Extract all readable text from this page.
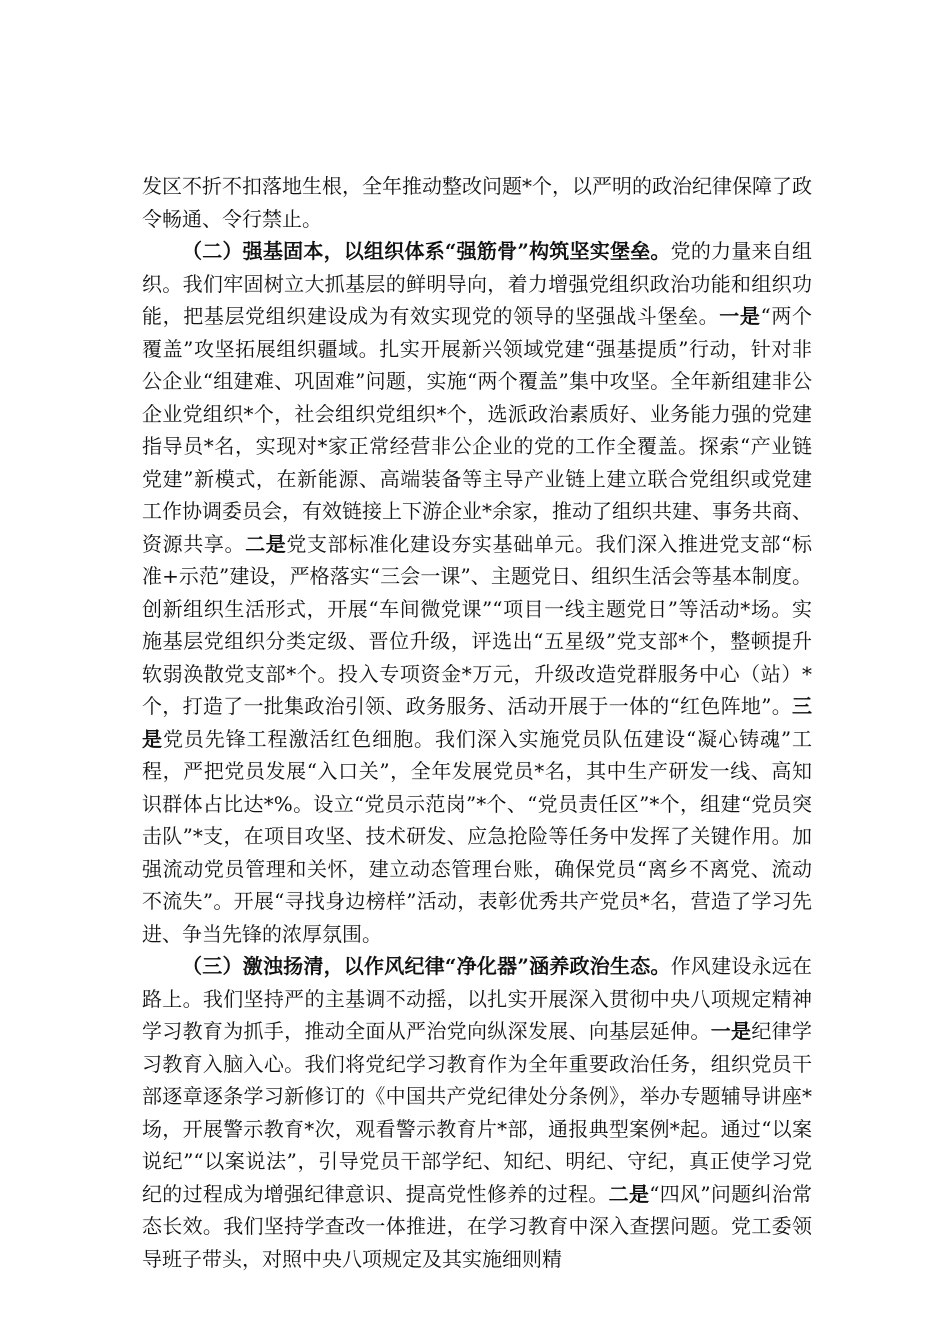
发区不折不扣落地生根，全年推动整改问题*个，以严明的政治纪律保障了政令畅通、令行禁止。

（二）强基固本，以组织体系“强筋骨”构筑坚实堡垒。党的力量来自组织。我们牢固树立大抓基层的鲜明导向，着力增强党组织政治功能和组织功能，把基层党组织建设成为有效实现党的领导的坚强战斗堡垒。一是“两个覆盖”攻坚拓展组织疆域。扎实开展新兴领域党建“强基提质”行动，针对非公企业“组建难、巩固难”问题，实施“两个覆盖”集中攻坚。全年新组建非公企业党组织*个，社会组织党组织*个，选派政治素质好、业务能力强的党建指导员*名，实现对*家正常经营非公企业的党的工作全覆盖。探索“产业链党建”新模式，在新能源、高端装备等主导产业链上建立联合党组织或党建工作协调委员会，有效链接上下游企业*余家，推动了组织共建、事务共商、资源共享。二是党支部标准化建设夯实基础单元。我们深入推进党支部“标准+示范”建设，严格落实“三会一课”、主题党日、组织生活会等基本制度。创新组织生活形式，开展“车间微党课”“项目一线主题党日”等活动*场。实施基层党组织分类定级、晋位升级，评选出“五星级”党支部*个，整顿提升软弱涣散党支部*个。投入专项资金*万元，升级改造党群服务中心（站）*个，打造了一批集政治引领、政务服务、活动开展于一体的“红色阵地”。三是党员先锋工程激活红色细胞。我们深入实施党员队伍建设“凝心铸魂”工程，严把党员发展“入口关”，全年发展党员*名，其中生产研发一线、高知识群体占比达*%。设立“党员示范岗”*个、“党员责任区”*个，组建“党员突击队”*支，在项目攻坚、技术研发、应急抢险等任务中发挥了关键作用。加强流动党员管理和关怀，建立动态管理台账，确保党员“离乡不离党、流动不流失”。开展“寻找身边榜样”活动，表彰优秀共产党员*名，营造了学习先进、争当先锋的浓厚氛围。

（三）激浊扬清，以作风纪律“净化器”涵养政治生态。作风建设永远在路上。我们坚持严的主基调不动摇，以扎实开展深入贯彻中央八项规定精神学习教育为抓手，推动全面从严治党向纵深发展、向基层延伸。一是纪律学习教育入脑入心。我们将党纪学习教育作为全年重要政治任务，组织党员干部逐章逐条学习新修订的《中国共产党纪律处分条例》，举办专题辅导讲座*场，开展警示教育*次，观看警示教育片*部，通报典型案例*起。通过“以案说纪”“以案说法”，引导党员干部学纪、知纪、明纪、守纪，真正使学习党纪的过程成为增强纪律意识、提高党性修养的过程。二是“四风”问题纠治常态长效。我们坚持学查改一体推进，在学习教育中深入查摆问题。党工委领导班子带头，对照中央八项规定及其实施细则精
